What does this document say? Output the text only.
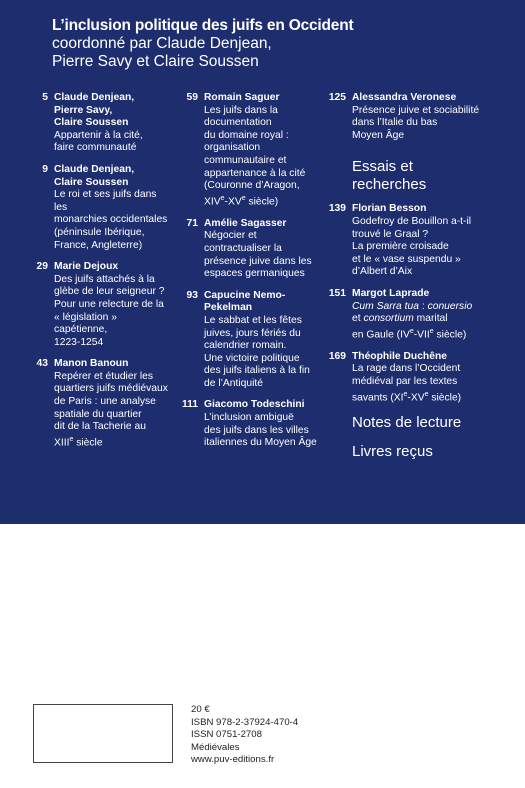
L’inclusion politique des juifs en Occident
coordonné par Claude Denjean,
Pierre Savy et Claire Soussen
5 Claude Denjean,
Pierre Savy,
Claire Soussen
Appartenir à la cité,
faire communauté
9 Claude Denjean,
Claire Soussen
Le roi et ses juifs dans les
monarchies occidentales
(péninsule Ibérique,
France, Angleterre)
29 Marie Dejoux
Des juifs attachés à la
glèbe de leur seigneur ?
Pour une relecture de la
« législation » capétienne,
1223-1254
43 Manon Banoun
Repérer et étudier les
quartiers juifs médiévaux
de Paris : une analyse
spatiale du quartier
dit de la Tacherie au
XIIIe siècle
59 Romain Saguer
Les juifs dans la
documentation
du domaine royal :
organisation
communautaire et
appartenance à la cité
(Couronne d’Aragon,
XIVe-XVe siècle)
71 Amélie Sagasser
Négocier et
contractualiser la
présence juive dans les
espaces germaniques
93 Capucine Nemo-
Pekelman
Le sabbat et les fêtes
juives, jours fériés du
calendrier romain.
Une victoire politique
des juifs italiens à la fin
de l’Antiquité
111 Giacomo Todeschini
L’inclusion ambiguë
des juifs dans les villes
italiennes du Moyen Âge
125 Alessandra Veronese
Présence juive et sociabilité
dans l’Italie du bas
Moyen Âge
Essais et
recherches
139 Florian Besson
Godefroy de Bouillon a-t-il
trouvé le Graal ?
La première croisade
et le « vase suspendu »
d’Albert d’Aix
151 Margot Laprade
Cum Sarra tua : conuersio
et consortium marital
en Gaule (IVe-VIIe siècle)
169 Théophile Duchêne
La rage dans l’Occident
médiéval par les textes
savants (XIe-XVe siècle)
Notes de lecture
Livres reçus
20 €
ISBN 978-2-37924-470-4
ISSN 0751-2708
Médiévales
www.puv-editions.fr
